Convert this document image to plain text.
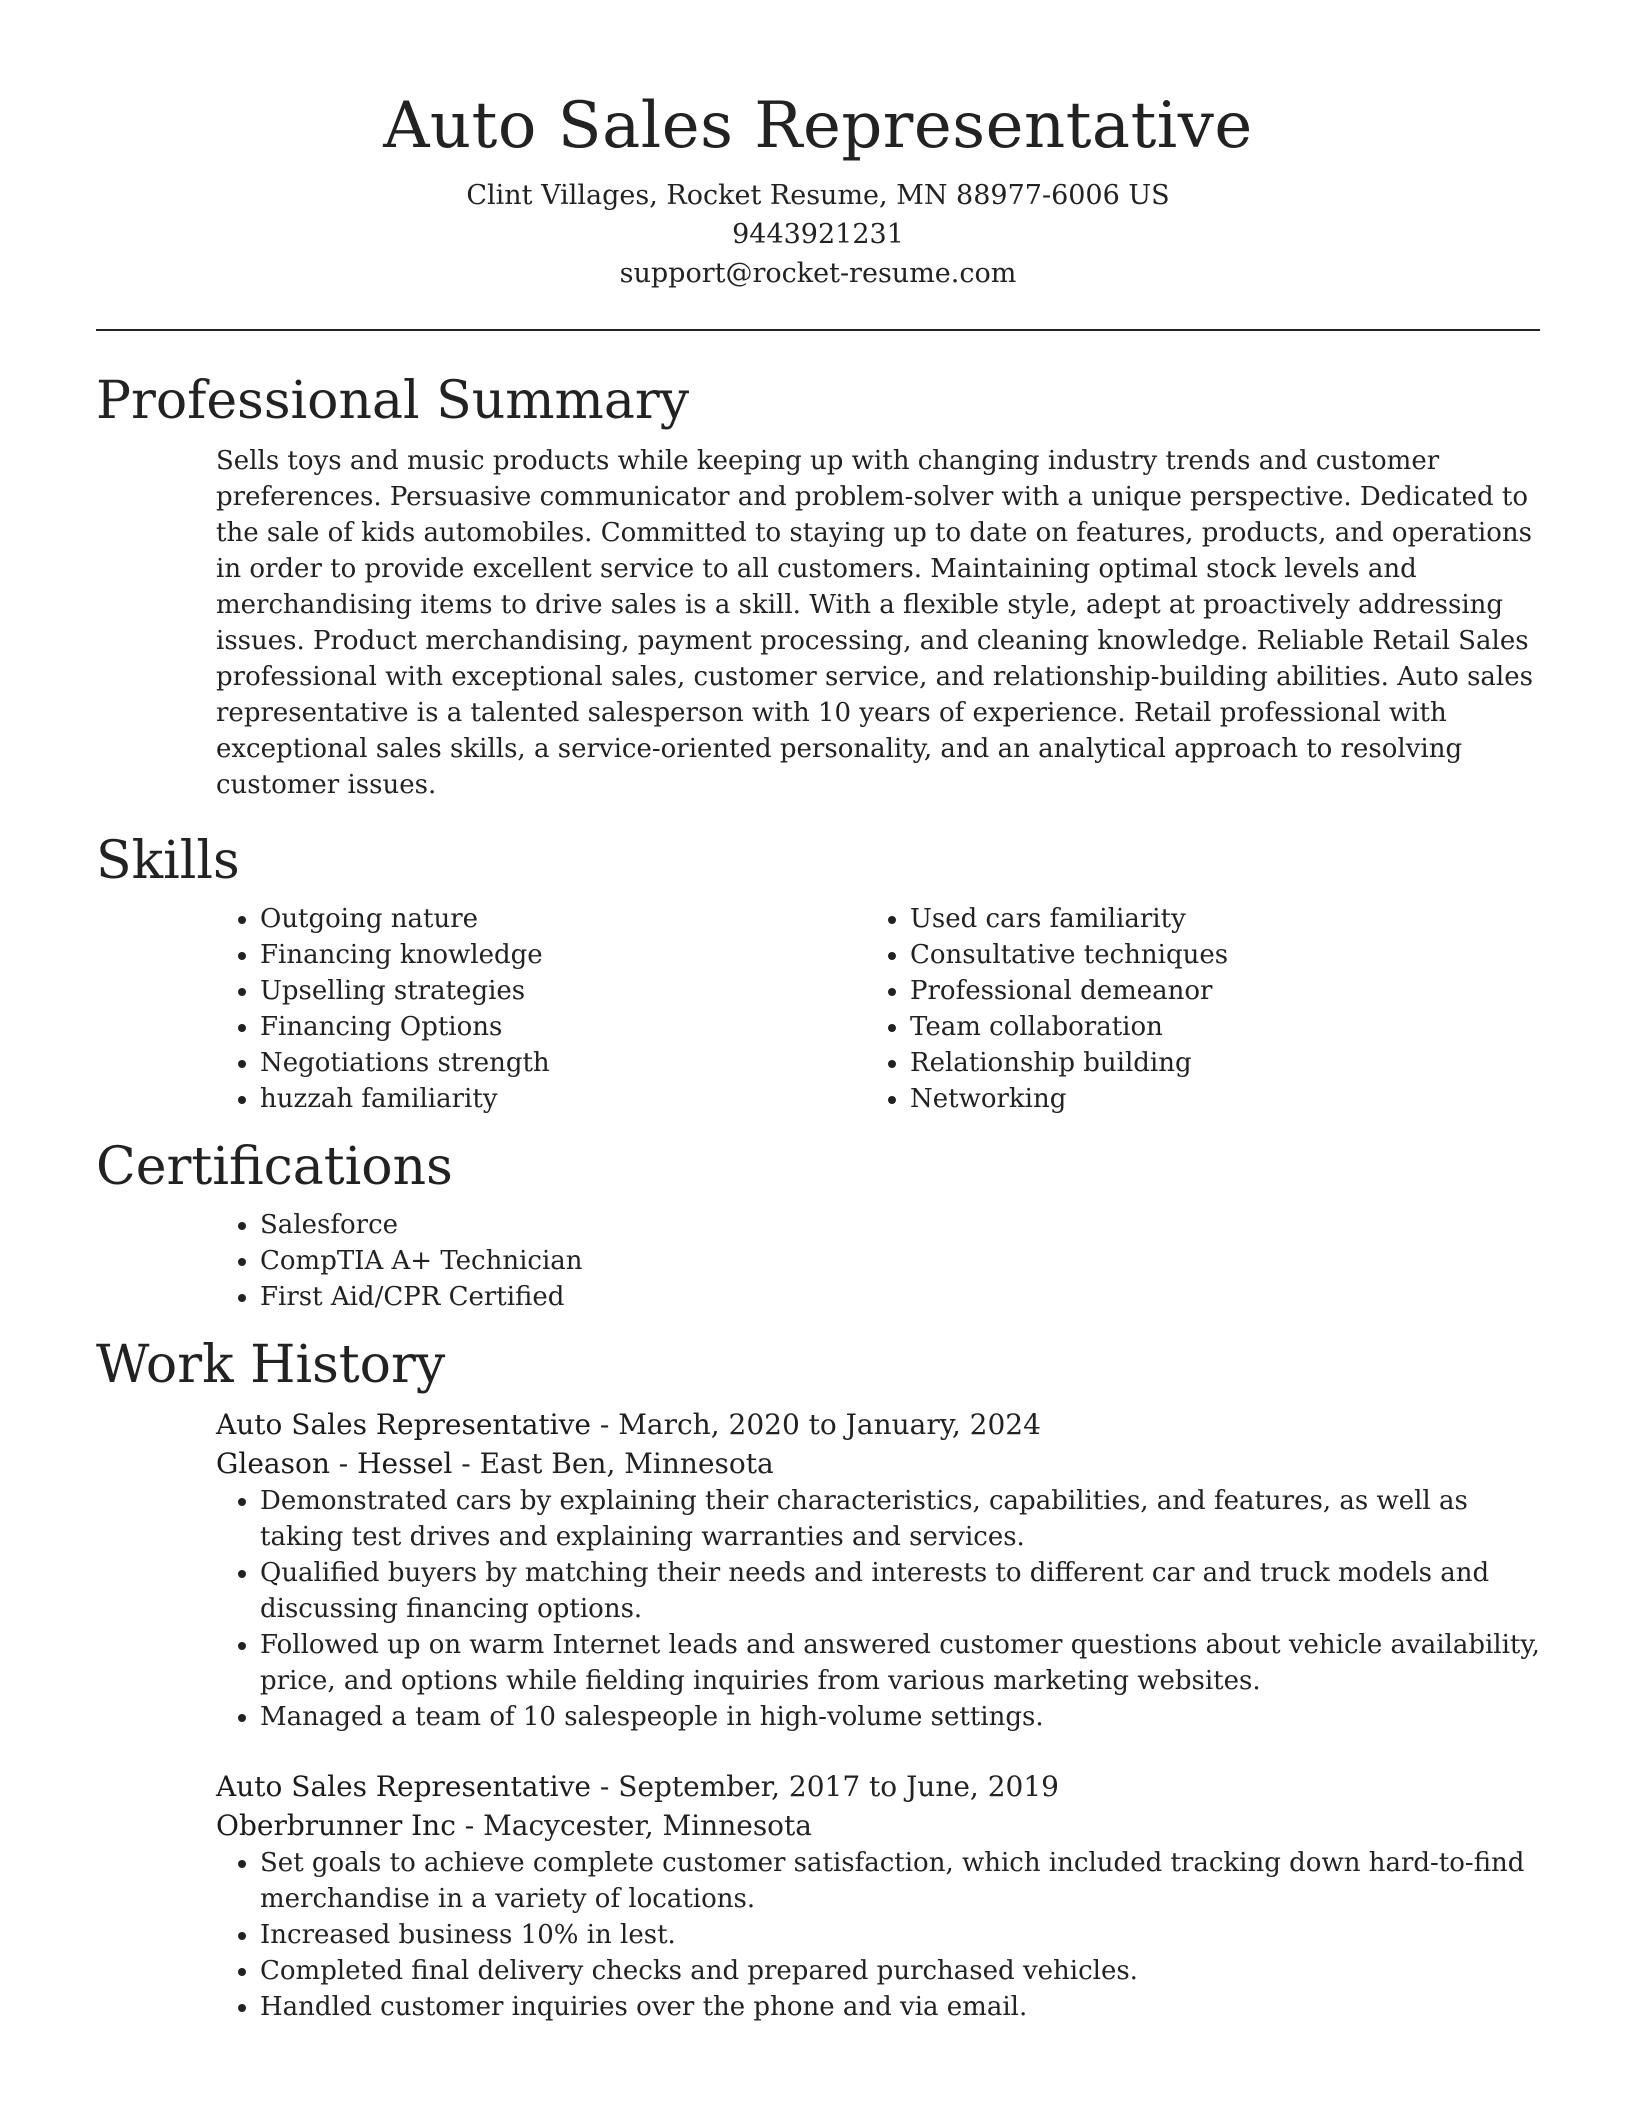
Auto Sales Representative
Clint Villages, Rocket Resume, MN 88977-6006 US
9443921231
support@rocket-resume.com
Professional Summary
Sells toys and music products while keeping up with changing industry trends and customer preferences. Persuasive communicator and problem-solver with a unique perspective. Dedicated to the sale of kids automobiles. Committed to staying up to date on features, products, and operations in order to provide excellent service to all customers. Maintaining optimal stock levels and merchandising items to drive sales is a skill. With a flexible style, adept at proactively addressing issues. Product merchandising, payment processing, and cleaning knowledge. Reliable Retail Sales professional with exceptional sales, customer service, and relationship-building abilities. Auto sales representative is a talented salesperson with 10 years of experience. Retail professional with exceptional sales skills, a service-oriented personality, and an analytical approach to resolving customer issues.
Skills
• Outgoing nature
• Financing knowledge
• Upselling strategies
• Financing Options
• Negotiations strength
• huzzah familiarity
• Used cars familiarity
• Consultative techniques
• Professional demeanor
• Team collaboration
• Relationship building
• Networking
Certifications
• Salesforce
• CompTIA A+ Technician
• First Aid/CPR Certified
Work History
Auto Sales Representative - March, 2020 to January, 2024
Gleason - Hessel - East Ben, Minnesota
• Demonstrated cars by explaining their characteristics, capabilities, and features, as well as taking test drives and explaining warranties and services.
• Qualified buyers by matching their needs and interests to different car and truck models and discussing financing options.
• Followed up on warm Internet leads and answered customer questions about vehicle availability, price, and options while fielding inquiries from various marketing websites.
• Managed a team of 10 salespeople in high-volume settings.
Auto Sales Representative - September, 2017 to June, 2019
Oberbrunner Inc - Macycester, Minnesota
• Set goals to achieve complete customer satisfaction, which included tracking down hard-to-find merchandise in a variety of locations.
• Increased business 10% in lest.
• Completed final delivery checks and prepared purchased vehicles.
• Handled customer inquiries over the phone and via email.
